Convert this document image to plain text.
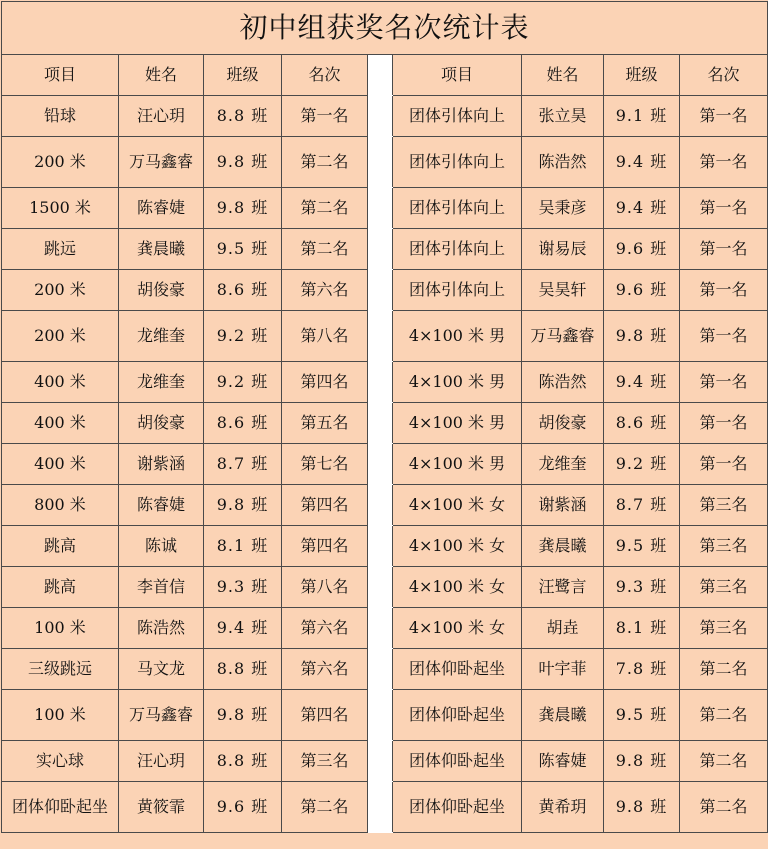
初中组获奖名次统计表								
项目	姓名	班级	名次		项目	姓名	班级	名次
铅球	汪心玥	8.8 班	第一名		团体引体向上	张立昊	9.1 班	第一名
200 米	万马鑫睿	9.8 班	第二名		团体引体向上	陈浩然	9.4 班	第一名
1500 米	陈睿婕	9.8 班	第二名		团体引体向上	吴秉彦	9.4 班	第一名
跳远	龚晨曦	9.5 班	第二名		团体引体向上	谢易辰	9.6 班	第一名
200 米	胡俊豪	8.6 班	第六名		团体引体向上	吴昊轩	9.6 班	第一名
200 米	龙维奎	9.2 班	第八名		4×100 米 男	万马鑫睿	9.8 班	第一名
400 米	龙维奎	9.2 班	第四名		4×100 米 男	陈浩然	9.4 班	第一名
400 米	胡俊豪	8.6 班	第五名		4×100 米 男	胡俊豪	8.6 班	第一名
400 米	谢紫涵	8.7 班	第七名		4×100 米 男	龙维奎	9.2 班	第一名
800 米	陈睿婕	9.8 班	第四名		4×100 米 女	谢紫涵	8.7 班	第三名
跳高	陈诚	8.1 班	第四名		4×100 米 女	龚晨曦	9.5 班	第三名
跳高	李首信	9.3 班	第八名		4×100 米 女	汪鹭言	9.3 班	第三名
100 米	陈浩然	9.4 班	第六名		4×100 米 女	胡垚	8.1 班	第三名
三级跳远	马文龙	8.8 班	第六名		团体仰卧起坐	叶宇菲	7.8 班	第二名
100 米	万马鑫睿	9.8 班	第四名		团体仰卧起坐	龚晨曦	9.5 班	第二名
实心球	汪心玥	8.8 班	第三名		团体仰卧起坐	陈睿婕	9.8 班	第二名
团体仰卧起坐	黄筱霏	9.6 班	第二名		团体仰卧起坐	黄希玥	9.8 班	第二名
